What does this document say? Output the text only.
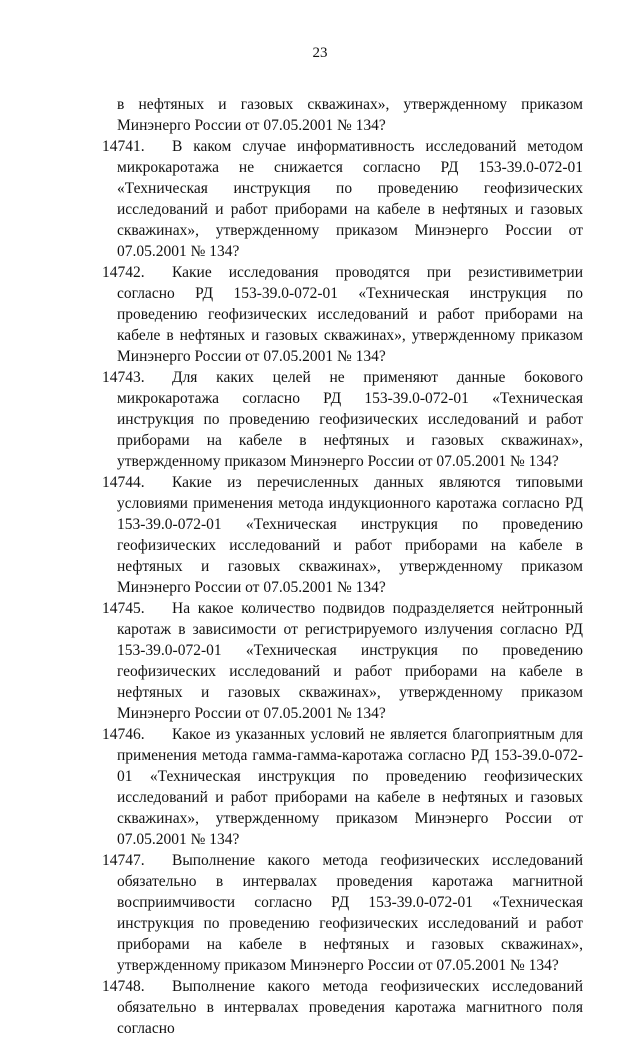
23

в нефтяных и газовых скважинах», утвержденному приказом Минэнерго России от 07.05.2001 № 134?

14741.	В каком случае информативность исследований методом микрокаротажа не снижается согласно РД 153-39.0-072-01 «Техническая инструкция по проведению геофизических исследований и работ приборами на кабеле в нефтяных и газовых скважинах», утвержденному приказом Минэнерго России от 07.05.2001 № 134?

14742.	Какие исследования проводятся при резистивиметрии согласно РД 153-39.0-072-01 «Техническая инструкция по проведению геофизических исследований и работ приборами на кабеле в нефтяных и газовых скважинах», утвержденному приказом Минэнерго России от 07.05.2001 № 134?

14743.	Для каких целей не применяют данные бокового микрокаротажа согласно РД 153-39.0-072-01 «Техническая инструкция по проведению геофизических исследований и работ приборами на кабеле в нефтяных и газовых скважинах», утвержденному приказом Минэнерго России от 07.05.2001 № 134?

14744.	Какие из перечисленных данных являются типовыми условиями применения метода индукционного каротажа согласно РД 153-39.0-072-01 «Техническая инструкция по проведению геофизических исследований и работ приборами на кабеле в нефтяных и газовых скважинах», утвержденному приказом Минэнерго России от 07.05.2001 № 134?

14745.	На какое количество подвидов подразделяется нейтронный каротаж в зависимости от регистрируемого излучения согласно РД 153-39.0-072-01 «Техническая инструкция по проведению геофизических исследований и работ приборами на кабеле в нефтяных и газовых скважинах», утвержденному приказом Минэнерго России от 07.05.2001 № 134?

14746.	Какое из указанных условий не является благоприятным для применения метода гамма-гамма-каротажа согласно РД 153-39.0-072-01 «Техническая инструкция по проведению геофизических исследований и работ приборами на кабеле в нефтяных и газовых скважинах», утвержденному приказом Минэнерго России от 07.05.2001 № 134?

14747.	Выполнение какого метода геофизических исследований обязательно в интервалах проведения каротажа магнитной восприимчивости согласно РД 153-39.0-072-01 «Техническая инструкция по проведению геофизических исследований и работ приборами на кабеле в нефтяных и газовых скважинах», утвержденному приказом Минэнерго России от 07.05.2001 № 134?

14748.	Выполнение какого метода геофизических исследований обязательно в интервалах проведения каротажа магнитного поля согласно
